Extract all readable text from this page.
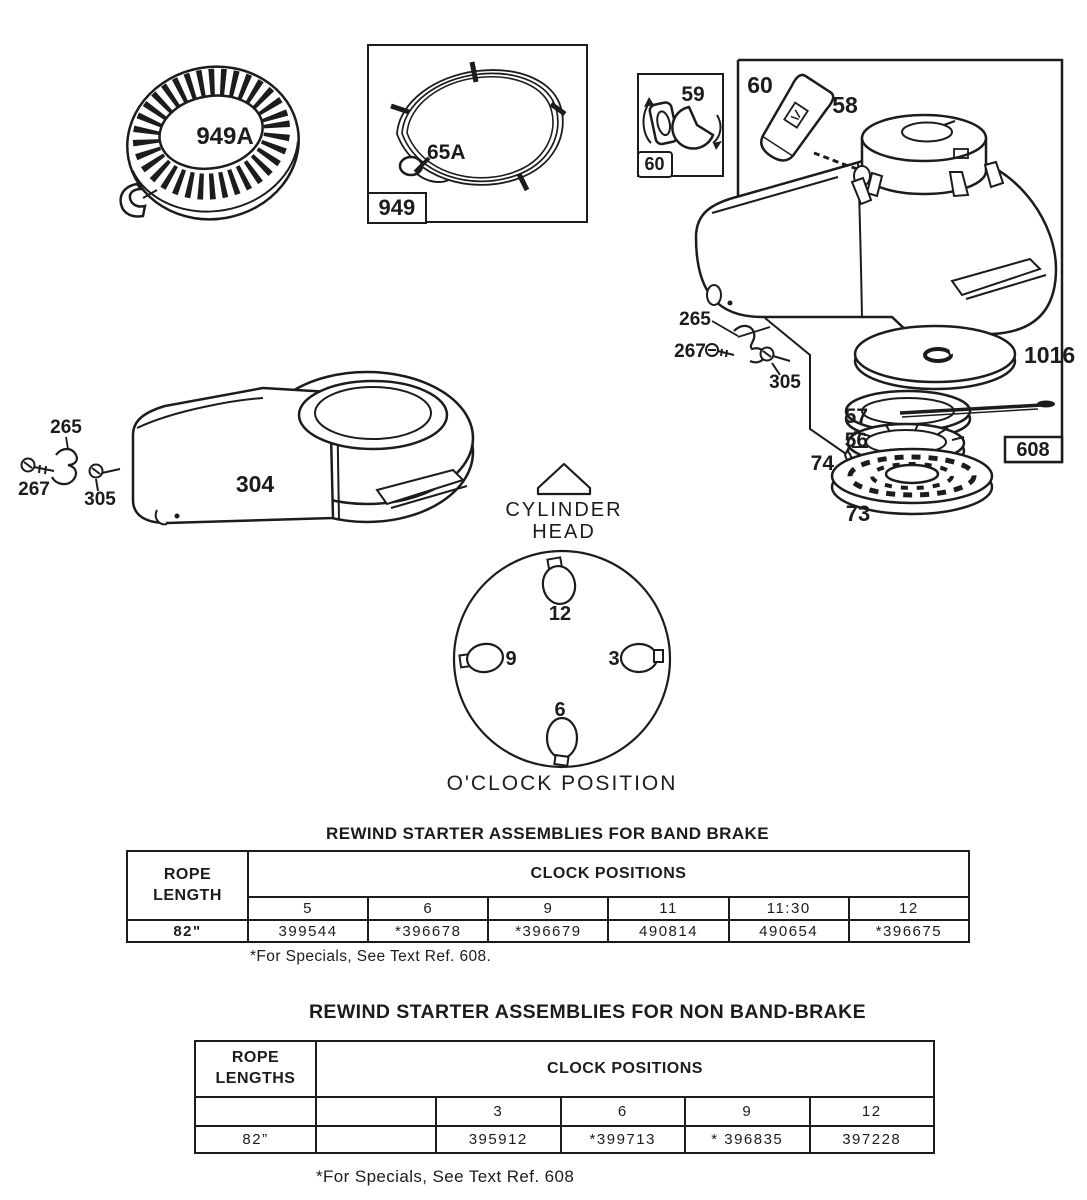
949A
65A
949
59
60
60
58
265
267
305
1016
57
56
74
73
608
304
265
267 305	CYLINDER
HEAD
12
9	3
6
O'CLOCK POSITION
REWIND STARTER ASSEMBLIES FOR BAND BRAKE
ROPE LENGTH	CLOCK POSITIONS					
	5	6	9	11	11:30	12
82"	399544	*396678	*396679	490814	490654	*396675
*For Specials, See Text Ref. 608.
REWIND STARTER ASSEMBLIES FOR NON BAND-BRAKE
ROPE LENGTHS	CLOCK POSITIONS				
		3	6	9	12
82”		395912	*399713	* 396835	397228
*For Specials, See Text Ref. 608
